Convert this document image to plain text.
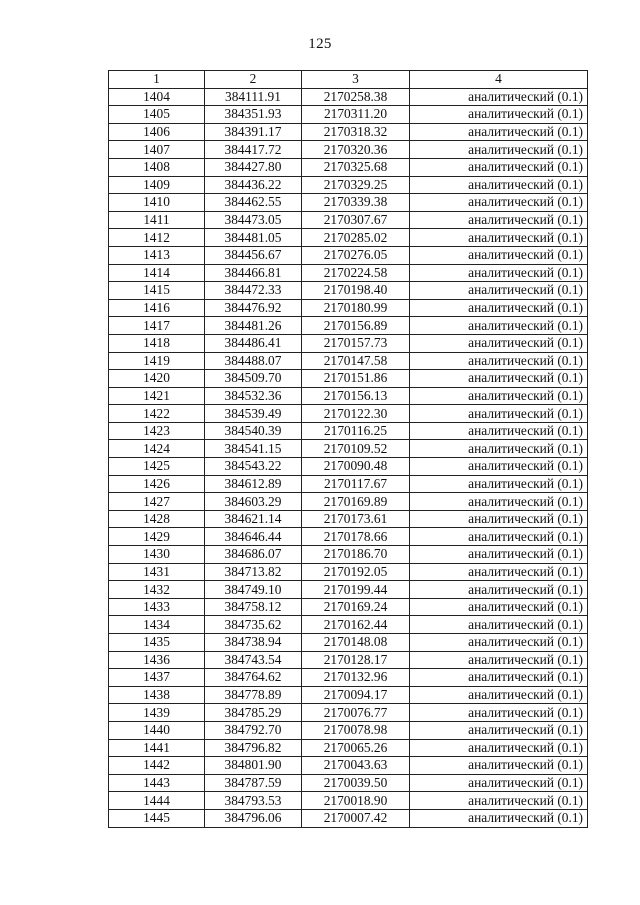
125
1	2	3	4
1404	384111.91	2170258.38	аналитический (0.1)
1405	384351.93	2170311.20	аналитический (0.1)
1406	384391.17	2170318.32	аналитический (0.1)
1407	384417.72	2170320.36	аналитический (0.1)
1408	384427.80	2170325.68	аналитический (0.1)
1409	384436.22	2170329.25	аналитический (0.1)
1410	384462.55	2170339.38	аналитический (0.1)
1411	384473.05	2170307.67	аналитический (0.1)
1412	384481.05	2170285.02	аналитический (0.1)
1413	384456.67	2170276.05	аналитический (0.1)
1414	384466.81	2170224.58	аналитический (0.1)
1415	384472.33	2170198.40	аналитический (0.1)
1416	384476.92	2170180.99	аналитический (0.1)
1417	384481.26	2170156.89	аналитический (0.1)
1418	384486.41	2170157.73	аналитический (0.1)
1419	384488.07	2170147.58	аналитический (0.1)
1420	384509.70	2170151.86	аналитический (0.1)
1421	384532.36	2170156.13	аналитический (0.1)
1422	384539.49	2170122.30	аналитический (0.1)
1423	384540.39	2170116.25	аналитический (0.1)
1424	384541.15	2170109.52	аналитический (0.1)
1425	384543.22	2170090.48	аналитический (0.1)
1426	384612.89	2170117.67	аналитический (0.1)
1427	384603.29	2170169.89	аналитический (0.1)
1428	384621.14	2170173.61	аналитический (0.1)
1429	384646.44	2170178.66	аналитический (0.1)
1430	384686.07	2170186.70	аналитический (0.1)
1431	384713.82	2170192.05	аналитический (0.1)
1432	384749.10	2170199.44	аналитический (0.1)
1433	384758.12	2170169.24	аналитический (0.1)
1434	384735.62	2170162.44	аналитический (0.1)
1435	384738.94	2170148.08	аналитический (0.1)
1436	384743.54	2170128.17	аналитический (0.1)
1437	384764.62	2170132.96	аналитический (0.1)
1438	384778.89	2170094.17	аналитический (0.1)
1439	384785.29	2170076.77	аналитический (0.1)
1440	384792.70	2170078.98	аналитический (0.1)
1441	384796.82	2170065.26	аналитический (0.1)
1442	384801.90	2170043.63	аналитический (0.1)
1443	384787.59	2170039.50	аналитический (0.1)
1444	384793.53	2170018.90	аналитический (0.1)
1445	384796.06	2170007.42	аналитический (0.1)
